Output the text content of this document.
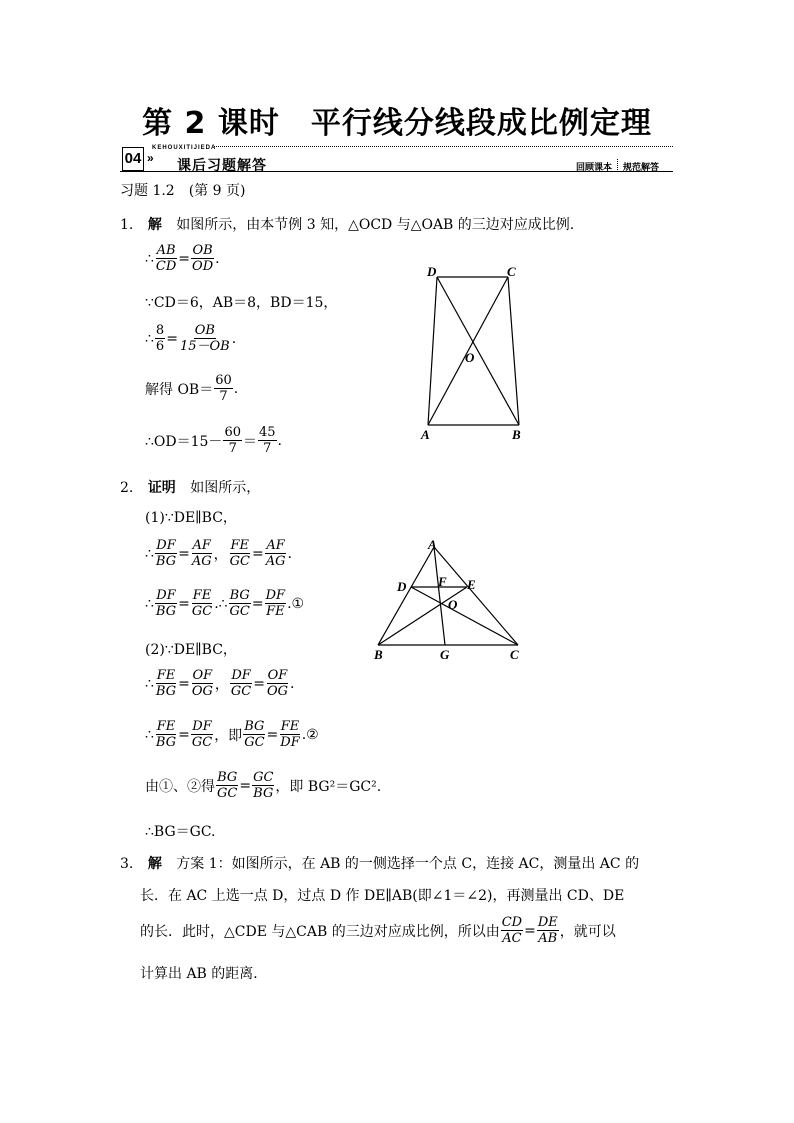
第 2 课时　平行线分线段成比例定理
04
KEHOUXITIJIEDA
» 课后习题解答	回顾课本 规范解答
习题 1.2　(第 9 页)
1. 解 如图所示，由本节例 3 知，△OCD 与△OAB 的三边对应成比例.
∴ $\frac{AB}{CD} = \frac{OB}{OD}$ .
∵CD＝6，AB＝8，BD＝15，
∴ $\frac{8}{6} = \frac{OB}{15-OB}$ .
解得 $OB= \frac{60}{7}$ .
∴OD＝15－ $\frac{60}{7} = \frac{45}{7}$ .
D	C
O
A	B
2. 证明 如图所示，
(1)∵DE∥BC，
∴ $\frac{DF}{BG} = \frac{AF}{AG}$ ， $\frac{FE}{GC} = \frac{AF}{AG}$ .
∴ $\frac{DF}{BG} = \frac{FE}{GC}$ .∴ $\frac{BG}{GC} = \frac{DF}{FE}$ .①
(2)∵DE∥BC，
∴ $\frac{FE}{BG} = \frac{OF}{OG}$ ， $\frac{DF}{GC} = \frac{OF}{OG}$ .
∴ $\frac{FE}{BG} = \frac{DF}{GC}$ ，即 $\frac{BG}{GC} = \frac{FE}{DF}$ .②
由①、②得 $\frac{BG}{GC} = \frac{GC}{BG}$ ，即 BG²＝GC².
∴BG＝GC.
A
D F E
O
B	G	C
3. 解 方案 1：如图所示，在 AB 的一侧选择一个点 C，连接 AC，测量出 AC 的
长．在 AC 上选一点 D，过点 D 作 DE∥AB(即∠1＝∠2)，再测量出 CD、DE
的长．此时，△CDE 与△CAB 的三边对应成比例，所以由 $\frac{CD}{AC} = \frac{DE}{AB}$ ，就可以
计算出 AB 的距离．
